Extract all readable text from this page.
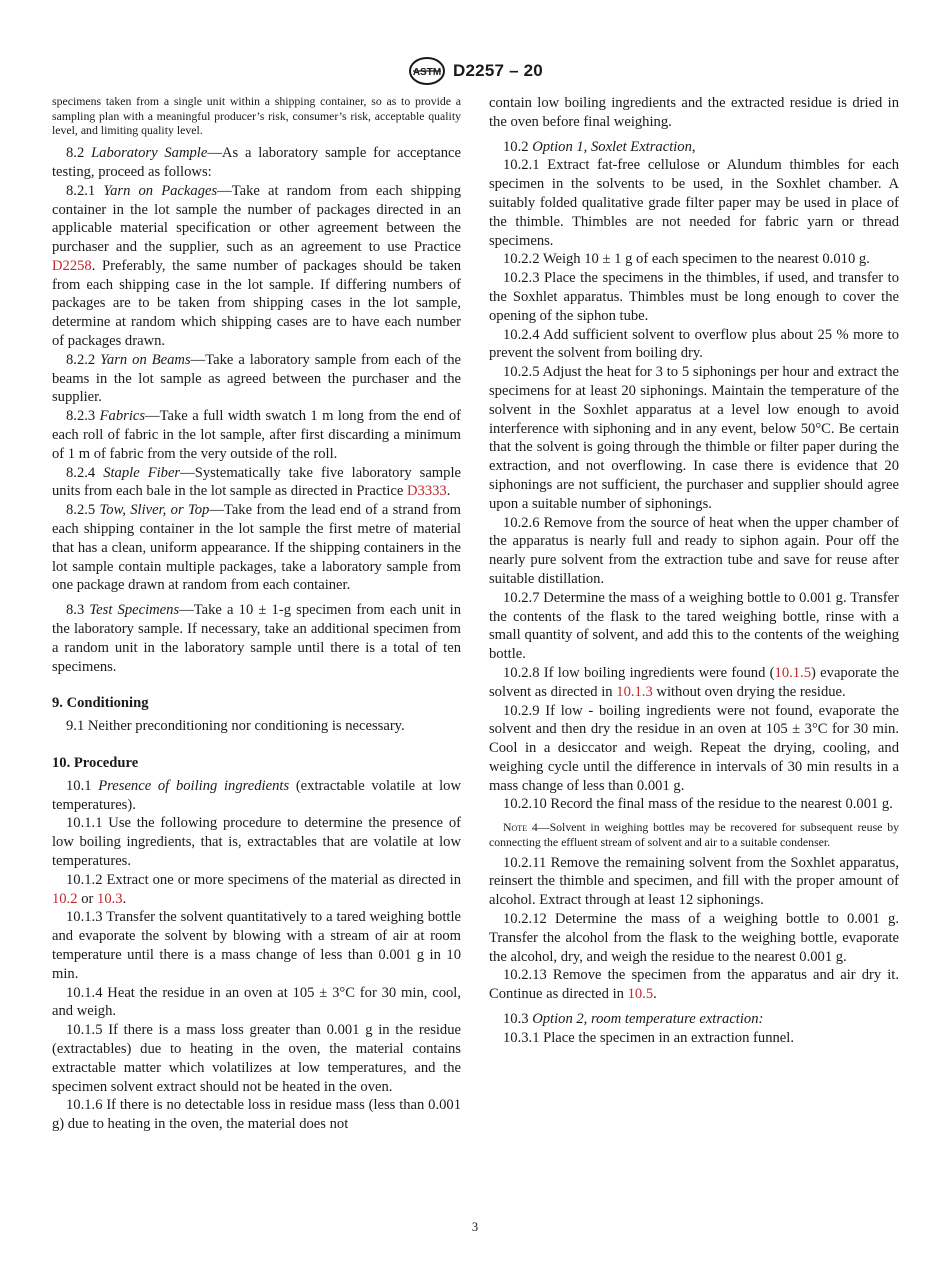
ASTM D2257 – 20

specimens taken from a single unit within a shipping container, so as to provide a sampling plan with a meaningful producer’s risk, consumer’s risk, acceptable quality level, and limiting quality level.

8.2 Laboratory Sample—As a laboratory sample for acceptance testing, proceed as follows:

8.2.1 Yarn on Packages—Take at random from each shipping container in the lot sample the number of packages directed in an applicable material specification or other agreement between the purchaser and the supplier, such as an agreement to use Practice D2258. Preferably, the same number of packages should be taken from each shipping case in the lot sample. If differing numbers of packages are to be taken from shipping cases in the lot sample, determine at random which shipping cases are to have each number of packages drawn.

8.2.2 Yarn on Beams—Take a laboratory sample from each of the beams in the lot sample as agreed between the purchaser and the supplier.

8.2.3 Fabrics—Take a full width swatch 1 m long from the end of each roll of fabric in the lot sample, after first discarding a minimum of 1 m of fabric from the very outside of the roll.

8.2.4 Staple Fiber—Systematically take five laboratory sample units from each bale in the lot sample as directed in Practice D3333.

8.2.5 Tow, Sliver, or Top—Take from the lead end of a strand from each shipping container in the lot sample the first metre of material that has a clean, uniform appearance. If the shipping containers in the lot sample contain multiple packages, take a laboratory sample from one package drawn at random from each container.

8.3 Test Specimens—Take a 10 ± 1-g specimen from each unit in the laboratory sample. If necessary, take an additional specimen from a random unit in the laboratory sample until there is a total of ten specimens.

9. Conditioning

9.1 Neither preconditioning nor conditioning is necessary.

10. Procedure

10.1 Presence of boiling ingredients (extractable volatile at low temperatures).

10.1.1 Use the following procedure to determine the presence of low boiling ingredients, that is, extractables that are volatile at low temperatures.

10.1.2 Extract one or more specimens of the material as directed in 10.2 or 10.3.

10.1.3 Transfer the solvent quantitatively to a tared weighing bottle and evaporate the solvent by blowing with a stream of air at room temperature until there is a mass change of less than 0.001 g in 10 min.

10.1.4 Heat the residue in an oven at 105 ± 3°C for 30 min, cool, and weigh.

10.1.5 If there is a mass loss greater than 0.001 g in the residue (extractables) due to heating in the oven, the material contains extractable matter which volatilizes at low temperatures, and the specimen solvent extract should not be heated in the oven.

10.1.6 If there is no detectable loss in residue mass (less than 0.001 g) due to heating in the oven, the material does not

contain low boiling ingredients and the extracted residue is dried in the oven before final weighing.

10.2 Option 1, Soxlet Extraction,

10.2.1 Extract fat-free cellulose or Alundum thimbles for each specimen in the solvents to be used, in the Soxhlet chamber. A suitably folded qualitative grade filter paper may be used in place of the thimble. Thimbles are not needed for fabric yarn or thread specimens.

10.2.2 Weigh 10 ± 1 g of each specimen to the nearest 0.010 g.

10.2.3 Place the specimens in the thimbles, if used, and transfer to the Soxhlet apparatus. Thimbles must be long enough to cover the opening of the siphon tube.

10.2.4 Add sufficient solvent to overflow plus about 25 % more to prevent the solvent from boiling dry.

10.2.5 Adjust the heat for 3 to 5 siphonings per hour and extract the specimens for at least 20 siphonings. Maintain the temperature of the solvent in the Soxhlet apparatus at a level low enough to avoid interference with siphoning and in any event, below 50°C. Be certain that the solvent is going through the thimble or filter paper during the extraction, and not overflowing. In case there is evidence that 20 siphonings are not sufficient, the purchaser and supplier should agree upon a suitable number of siphonings.

10.2.6 Remove from the source of heat when the upper chamber of the apparatus is nearly full and ready to siphon again. Pour off the nearly pure solvent from the extraction tube and save for reuse after suitable distillation.

10.2.7 Determine the mass of a weighing bottle to 0.001 g. Transfer the contents of the flask to the tared weighing bottle, rinse with a small quantity of solvent, and add this to the contents of the weighing bottle.

10.2.8 If low boiling ingredients were found (10.1.5) evaporate the solvent as directed in 10.1.3 without oven drying the residue.

10.2.9 If low - boiling ingredients were not found, evaporate the solvent and then dry the residue in an oven at 105 ± 3°C for 30 min. Cool in a desiccator and weigh. Repeat the drying, cooling, and weighing cycle until the difference in intervals of 30 min results in a mass change of less than 0.001 g.

10.2.10 Record the final mass of the residue to the nearest 0.001 g.

Note 4—Solvent in weighing bottles may be recovered for subsequent reuse by connecting the effluent stream of solvent and air to a suitable condenser.

10.2.11 Remove the remaining solvent from the Soxhlet apparatus, reinsert the thimble and specimen, and fill with the proper amount of alcohol. Extract through at least 12 siphonings.

10.2.12 Determine the mass of a weighing bottle to 0.001 g. Transfer the alcohol from the flask to the weighing bottle, evaporate the alcohol, dry, and weigh the residue to the nearest 0.001 g.

10.2.13 Remove the specimen from the apparatus and air dry it. Continue as directed in 10.5.

10.3 Option 2, room temperature extraction:

10.3.1 Place the specimen in an extraction funnel.

3
